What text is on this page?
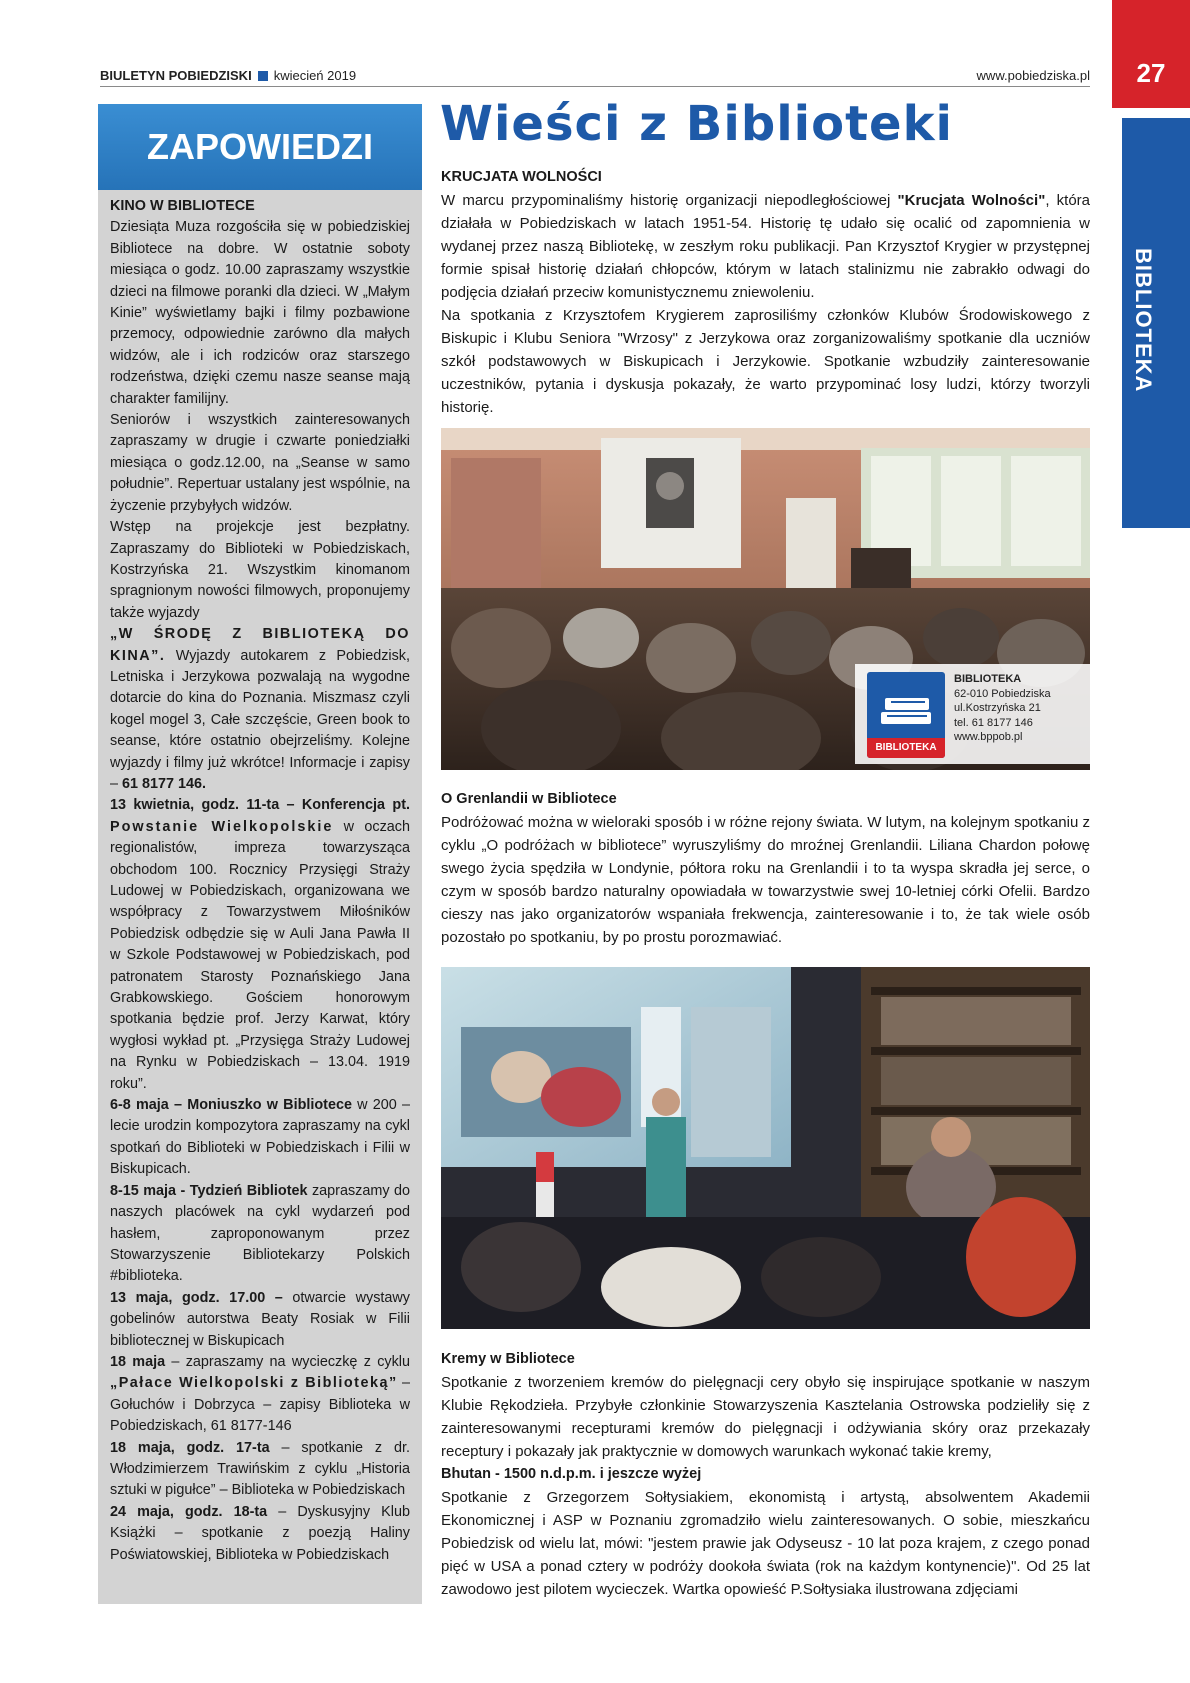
BIULETYN POBIEDZISKI kwiecień 2019	www.pobiedziska.pl	27
BIBLIOTEKA
ZAPOWIEDZI

KINO W BIBLIOTECE

Dziesiąta Muza rozgościła się w pobiedziskiej Bibliotece na dobre. W ostatnie soboty miesiąca o godz. 10.00 zapraszamy wszystkie dzieci na filmowe poranki dla dzieci. W „Małym Kinie” wyświetlamy bajki i filmy pozbawione przemocy, odpowiednie zarówno dla małych widzów, ale i ich rodziców oraz starszego rodzeństwa, dzięki czemu nasze seanse mają charakter familijny.

Seniorów i wszystkich zainteresowanych zapraszamy w drugie i czwarte poniedziałki miesiąca o godz.12.00, na „Seanse w samo południe”. Repertuar ustalany jest wspólnie, na życzenie przybyłych widzów.

Wstęp na projekcje jest bezpłatny. Zapraszamy do Biblioteki w Pobiedziskach, Kostrzyńska 21. Wszystkim kinomanom spragnionym nowości filmowych, proponujemy także wyjazdy

„W ŚRODĘ Z BIBLIOTEKĄ DO KINA”. Wyjazdy autokarem z Pobiedzisk, Letniska i Jerzykowa pozwalają na wygodne dotarcie do kina do Poznania. Miszmasz czyli kogel mogel 3, Całe szczęście, Green book to seanse, które ostatnio obejrzeliśmy. Kolejne wyjazdy i filmy już wkrótce! Informacje i zapisy – 61 8177 146.

13 kwietnia, godz. 11-ta – Konferencja pt. Powstanie Wielkopolskie w oczach regionalistów, impreza towarzysząca obchodom 100. Rocznicy Przysięgi Straży Ludowej w Pobiedziskach, organizowana we współpracy z Towarzystwem Miłośników Pobiedzisk odbędzie się w Auli Jana Pawła II w Szkole Podstawowej w Pobiedziskach, pod patronatem Starosty Poznańskiego Jana Grabkowskiego. Gościem honorowym spotkania będzie prof. Jerzy Karwat, który wygłosi wykład pt. „Przysięga Straży Ludowej na Rynku w Pobiedziskach – 13.04. 1919 roku”.

6-8 maja – Moniuszko w Bibliotece w 200 –lecie urodzin kompozytora zapraszamy na cykl spotkań do Biblioteki w Pobiedziskach i Filii w Biskupicach.

8-15 maja - Tydzień Bibliotek zapraszamy do naszych placówek na cykl wydarzeń pod hasłem, zaproponowanym przez Stowarzyszenie Bibliotekarzy Polskich #biblioteka.

13 maja, godz. 17.00 – otwarcie wystawy gobelinów autorstwa Beaty Rosiak w Filii bibliotecznej w Biskupicach

18 maja – zapraszamy na wycieczkę z cyklu „Pałace Wielkopolski z Biblioteką” – Gołuchów i Dobrzyca – zapisy Biblioteka w Pobiedziskach, 61 8177-146

18 maja, godz. 17-ta – spotkanie z dr. Włodzimierzem Trawińskim z cyklu „Historia sztuki w pigułce” – Biblioteka w Pobiedziskach

24 maja, godz. 18-ta – Dyskusyjny Klub Książki – spotkanie z poezją Haliny Poświatowskiej, Biblioteka w Pobiedziskach

Wieści z Biblioteki

KRUCJATA WOLNOŚCI

W marcu przypominaliśmy historię organizacji niepodległościowej "Krucjata Wolności", która działała w Pobiedziskach w latach 1951-54. Historię tę udało się ocalić od zapomnienia w wydanej przez naszą Bibliotekę, w zeszłym roku publikacji. Pan Krzysztof Krygier w przystępnej formie spisał historię działań chłopców, którym w latach stalinizmu nie zabrakło odwagi do podjęcia działań przeciw komunistycznemu zniewoleniu.

Na spotkania z Krzysztofem Krygierem zaprosiliśmy członków Klubów Środowiskowego z Biskupic i Klubu Seniora "Wrzosy" z Jerzykowa oraz zorganizowaliśmy spotkanie dla uczniów szkół podstawowych w Biskupicach i Jerzykowie. Spotkanie wzbudziły zainteresowanie uczestników, pytania i dyskusja pokazały, że warto przypominać losy ludzi, którzy tworzyli historię.

BIBLIOTEKA
BIBLIOTEKA
62-010 Pobiedziska
ul.Kostrzyńska 21
tel. 61 8177 146
www.bppob.pl

O Grenlandii w Bibliotece

Podróżować można w wieloraki sposób i w różne rejony świata. W lutym, na kolejnym spotkaniu z cyklu „O podróżach w bibliotece” wyruszyliśmy do mroźnej Grenlandii. Liliana Chardon połowę swego życia spędziła w Londynie, półtora roku na Grenlandii i to ta wyspa skradła jej serce, o czym w sposób bardzo naturalny opowiadała w towarzystwie swej 10-letniej córki Ofelii. Bardzo cieszy nas jako organizatorów wspaniała frekwencja, zainteresowanie i to, że tak wiele osób pozostało po spotkaniu, by po prostu porozmawiać.

Kremy w Bibliotece

Spotkanie z tworzeniem kremów do pielęgnacji cery obyło się inspirujące spotkanie w naszym Klubie Rękodzieła. Przybyłe członkinie Stowarzyszenia Kasztelania Ostrowska podzieliły się z zainteresowanymi recepturami kremów do pielęgnacji i odżywiania skóry oraz przekazały receptury i pokazały jak praktycznie w domowych warunkach wykonać takie kremy,

Bhutan - 1500 n.d.p.m. i jeszcze wyżej

Spotkanie z Grzegorzem Sołtysiakiem, ekonomistą i artystą, absolwentem Akademii Ekonomicznej i ASP w Poznaniu zgromadziło wielu zainteresowanych. O sobie, mieszkańcu Pobiedzisk od wielu lat, mówi: "jestem prawie jak Odyseusz - 10 lat poza krajem, z czego ponad pięć w USA a ponad cztery w podróży dookoła świata (rok na każdym kontynencie)". Od 25 lat zawodowo jest pilotem wycieczek. Wartka opowieść P.Sołtysiaka ilustrowana zdjęciami
